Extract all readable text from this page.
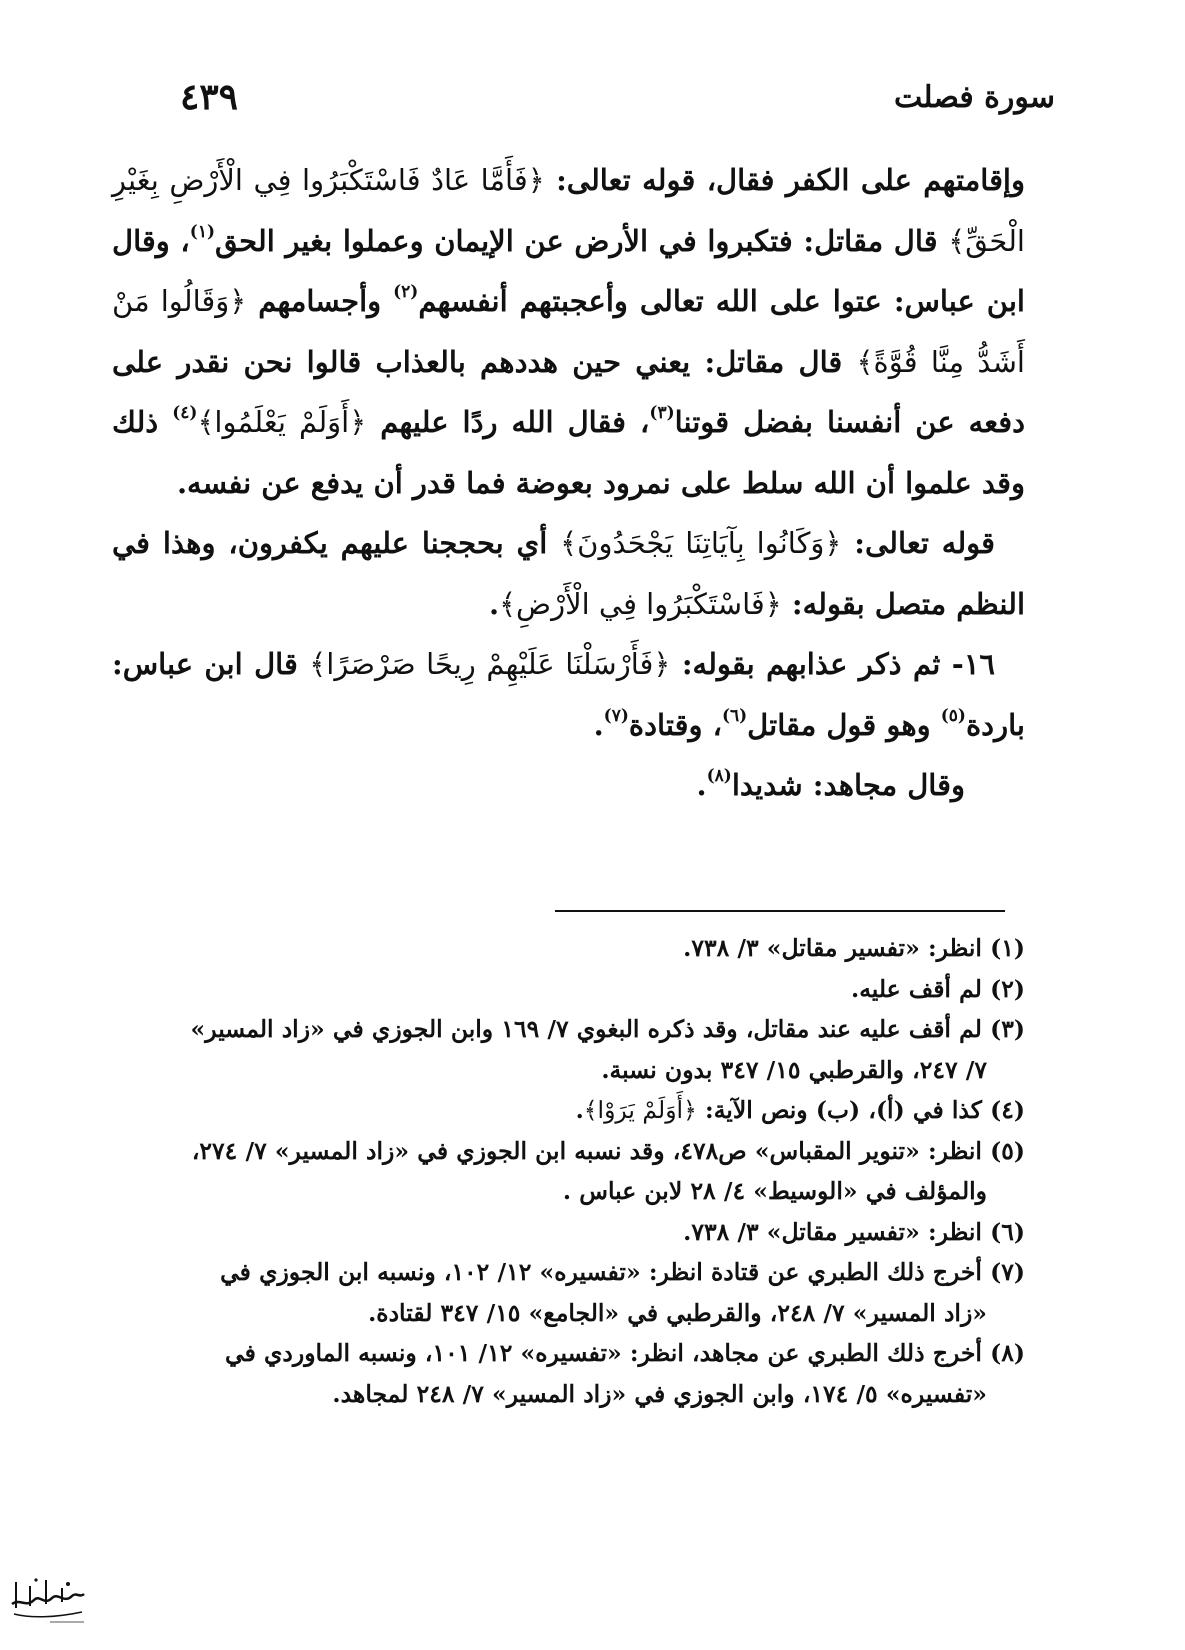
سورة فصلت
٤٣٩

وإقامتهم على الكفر فقال، قوله تعالى: ﴿فَأَمَّا عَادٌ فَاسْتَكْبَرُوا فِي الْأَرْضِ بِغَيْرِ الْحَقِّ﴾ قال مقاتل: فتكبروا في الأرض عن الإيمان وعملوا بغير الحق$^{(١)}$، وقال ابن عباس: عتوا على الله تعالى وأعجبتهم أنفسهم$^{(٢)}$ وأجسامهم ﴿وَقَالُوا مَنْ أَشَدُّ مِنَّا قُوَّةً﴾ قال مقاتل: يعني حين هددهم بالعذاب قالوا نحن نقدر على دفعه عن أنفسنا بفضل قوتنا$^{(٣)}$، فقال الله ردًا عليهم ﴿أَوَلَمْ يَعْلَمُوا﴾$^{(٤)}$ ذلك وقد علموا أن الله سلط على نمرود بعوضة فما قدر أن يدفع عن نفسه.

قوله تعالى: ﴿وَكَانُوا بِآيَاتِنَا يَجْحَدُونَ﴾ أي بحججنا عليهم يكفرون، وهذا في النظم متصل بقوله: ﴿فَاسْتَكْبَرُوا فِي الْأَرْضِ﴾.

١٦- ثم ذكر عذابهم بقوله: ﴿فَأَرْسَلْنَا عَلَيْهِمْ رِيحًا صَرْصَرًا﴾ قال ابن عباس: باردة$^{(٥)}$ وهو قول مقاتل$^{(٦)}$، وقتادة$^{(٧)}$.

وقال مجاهد: شديدا$^{(٨)}$.

(١) انظر: «تفسير مقاتل» ٣/ ٧٣٨.

(٢) لم أقف عليه.

(٣) لم أقف عليه عند مقاتل، وقد ذكره البغوي ٧/ ١٦٩ وابن الجوزي في «زاد المسير»

٧/ ٢٤٧، والقرطبي ١٥/ ٣٤٧ بدون نسبة.

(٤) كذا في (أ)، (ب) ونص الآية: ﴿أَوَلَمْ يَرَوْا﴾.

(٥) انظر: «تنوير المقباس» ص٤٧٨، وقد نسبه ابن الجوزي في «زاد المسير» ٧/ ٢٧٤،

والمؤلف في «الوسيط» ٤/ ٢٨ لابن عباس .

(٦) انظر: «تفسير مقاتل» ٣/ ٧٣٨.

(٧) أخرج ذلك الطبري عن قتادة انظر: «تفسيره» ١٢/ ١٠٢، ونسبه ابن الجوزي في

«زاد المسير» ٧/ ٢٤٨، والقرطبي في «الجامع» ١٥/ ٣٤٧ لقتادة.

(٨) أخرج ذلك الطبري عن مجاهد، انظر: «تفسيره» ١٢/ ١٠١، ونسبه الماوردي في

«تفسيره» ٥/ ١٧٤، وابن الجوزي في «زاد المسير» ٧/ ٢٤٨ لمجاهد.
